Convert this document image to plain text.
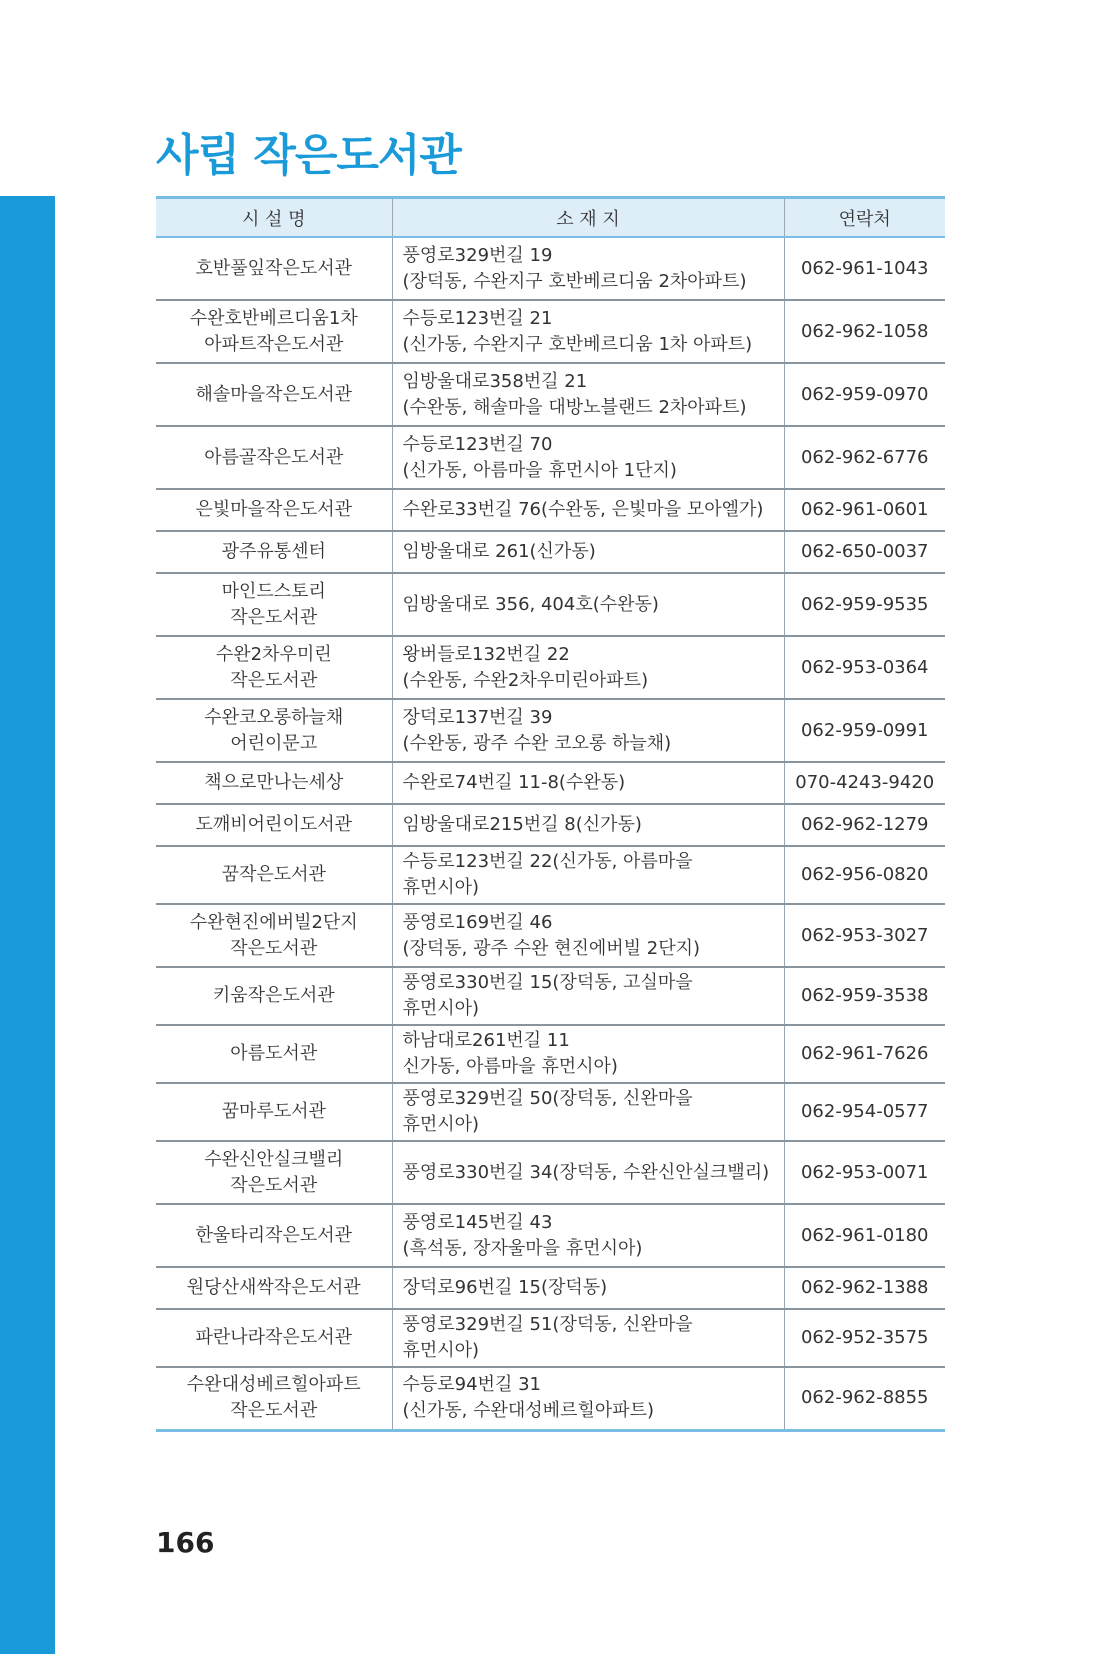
사립 작은도서관
시 설 명	소 재 지	연락처

호반풀잎작은도서관	풍영로329번길 19
(장덕동, 수완지구 호반베르디움 2차아파트)	062-961-1043

수완호반베르디움1차
아파트작은도서관	수등로123번길 21
(신가동, 수완지구 호반베르디움 1차 아파트)	062-962-1058

해솔마을작은도서관	임방울대로358번길 21
(수완동, 해솔마을 대방노블랜드 2차아파트)	062-959-0970

아름골작은도서관	수등로123번길 70
(신가동, 아름마을 휴먼시아 1단지)	062-962-6776

은빛마을작은도서관	수완로33번길 76(수완동, 은빛마을 모아엘가)	062-961-0601

광주유통센터	임방울대로 261(신가동)	062-650-0037

마인드스토리
작은도서관	임방울대로 356, 404호(수완동)	062-959-9535

수완2차우미린
작은도서관	왕버들로132번길 22
(수완동, 수완2차우미린아파트)	062-953-0364

수완코오롱하늘채
어린이문고	장덕로137번길 39
(수완동, 광주 수완 코오롱 하늘채)	062-959-0991

책으로만나는세상	수완로74번길 11-8(수완동)	070-4243-9420

도깨비어린이도서관	임방울대로215번길 8(신가동)	062-962-1279

꿈작은도서관	수등로123번길 22(신가동, 아름마을 휴먼시아)	062-956-0820

수완현진에버빌2단지
작은도서관	풍영로169번길 46
(장덕동, 광주 수완 현진에버빌 2단지)	062-953-3027

키움작은도서관	풍영로330번길 15(장덕동, 고실마을 휴먼시아)	062-959-3538

아름도서관	하남대로261번길 11
신가동, 아름마을 휴먼시아)	062-961-7626

꿈마루도서관	풍영로329번길 50(장덕동, 신완마을 휴먼시아)	062-954-0577

수완신안실크밸리
작은도서관	풍영로330번길 34(장덕동, 수완신안실크밸리)	062-953-0071

한울타리작은도서관	풍영로145번길 43
(흑석동, 장자울마을 휴먼시아)	062-961-0180

원당산새싹작은도서관	장덕로96번길 15(장덕동)	062-962-1388

파란나라작은도서관	풍영로329번길 51(장덕동, 신완마을 휴먼시아)	062-952-3575

수완대성베르힐아파트
작은도서관	수등로94번길 31
(신가동, 수완대성베르힐아파트)	062-962-8855
166
